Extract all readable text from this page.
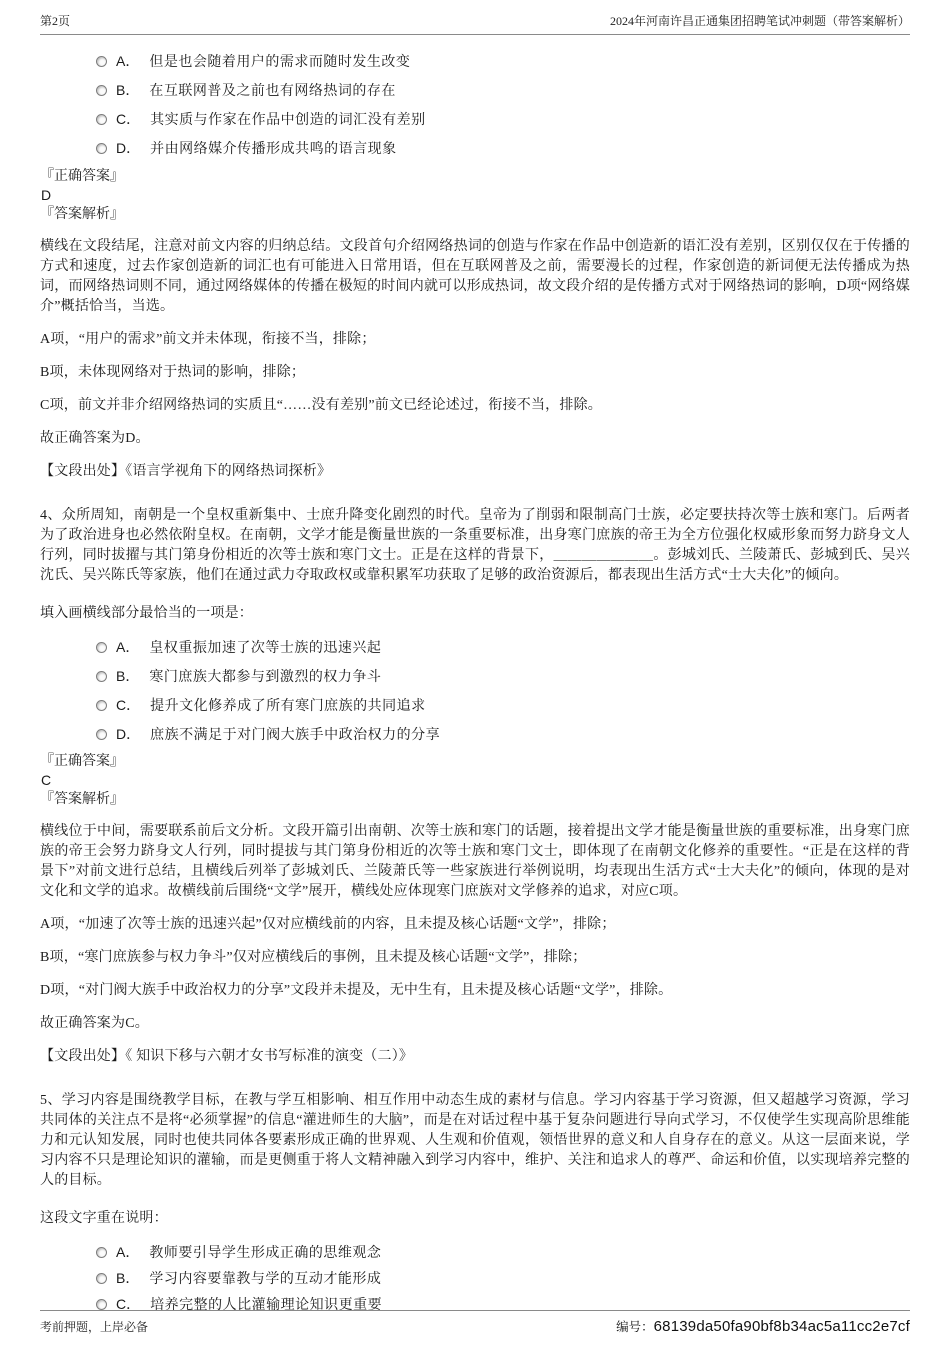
第2页	2024年河南许昌正通集团招聘笔试冲刺题（带答案解析）
A． 但是也会随着用户的需求而随时发生改变
B． 在互联网普及之前也有网络热词的存在
C． 其实质与作家在作品中创造的词汇没有差别
D． 并由网络媒介传播形成共鸣的语言现象
『正确答案』
D
『答案解析』

横线在文段结尾，注意对前文内容的归纳总结。文段首句介绍网络热词的创造与作家在作品中创造新的语汇没有差别，区别仅仅在于传播的方式和速度，过去作家创造新的词汇也有可能进入日常用语，但在互联网普及之前，需要漫长的过程，作家创造的新词便无法传播成为热词，而网络热词则不同，通过网络媒体的传播在极短的时间内就可以形成热词，故文段介绍的是传播方式对于网络热词的影响，D项“网络媒介”概括恰当，当选。

A项，“用户的需求”前文并未体现，衔接不当，排除；

B项，未体现网络对于热词的影响，排除；

C项，前文并非介绍网络热词的实质且“……没有差别”前文已经论述过，衔接不当，排除。

故正确答案为D。

【文段出处】《语言学视角下的网络热词探析》

4、众所周知，南朝是一个皇权重新集中、士庶升降变化剧烈的时代。皇帝为了削弱和限制高门士族，必定要扶持次等士族和寒门。后两者为了政治进身也必然依附皇权。在南朝，文学才能是衡量世族的一条重要标准，出身寒门庶族的帝王为全方位强化权威形象而努力跻身文人行列，同时拔擢与其门第身份相近的次等士族和寒门文士。正是在这样的背景下，＿＿＿＿＿＿＿。彭城刘氏、兰陵萧氏、彭城到氏、吴兴沈氏、吴兴陈氏等家族，他们在通过武力夺取政权或靠积累军功获取了足够的政治资源后，都表现出生活方式“士大夫化”的倾向。

填入画横线部分最恰当的一项是：

A． 皇权重振加速了次等士族的迅速兴起
B． 寒门庶族大都参与到激烈的权力争斗
C． 提升文化修养成了所有寒门庶族的共同追求
D． 庶族不满足于对门阀大族手中政治权力的分享
『正确答案』
C
『答案解析』

横线位于中间，需要联系前后文分析。文段开篇引出南朝、次等士族和寒门的话题，接着提出文学才能是衡量世族的重要标准，出身寒门庶族的帝王会努力跻身文人行列，同时提拔与其门第身份相近的次等士族和寒门文士，即体现了在南朝文化修养的重要性。“正是在这样的背景下”对前文进行总结，且横线后列举了彭城刘氏、兰陵萧氏等一些家族进行举例说明，均表现出生活方式“士大夫化”的倾向，体现的是对文化和文学的追求。故横线前后围绕“文学”展开，横线处应体现寒门庶族对文学修养的追求，对应C项。

A项，“加速了次等士族的迅速兴起”仅对应横线前的内容，且未提及核心话题“文学”，排除；

B项，“寒门庶族参与权力争斗”仅对应横线后的事例，且未提及核心话题“文学”，排除；

D项，“对门阀大族手中政治权力的分享”文段并未提及，无中生有，且未提及核心话题“文学”，排除。

故正确答案为C。

【文段出处】《 知识下移与六朝才女书写标准的演变（二）》

5、学习内容是围绕教学目标，在教与学互相影响、相互作用中动态生成的素材与信息。学习内容基于学习资源，但又超越学习资源，学习共同体的关注点不是将“必须掌握”的信息“灌进师生的大脑”，而是在对话过程中基于复杂问题进行导向式学习，不仅使学生实现高阶思维能力和元认知发展，同时也使共同体各要素形成正确的世界观、人生观和价值观，领悟世界的意义和人自身存在的意义。从这一层面来说，学习内容不只是理论知识的灌输，而是更侧重于将人文精神融入到学习内容中，维护、关注和追求人的尊严、命运和价值，以实现培养完整的人的目标。

这段文字重在说明：

A． 教师要引导学生形成正确的思维观念
B． 学习内容要靠教与学的互动才能形成
C． 培养完整的人比灌输理论知识更重要
考前押题，上岸必备	编号：68139da50fa90bf8b34ac5a11cc2e7cf
